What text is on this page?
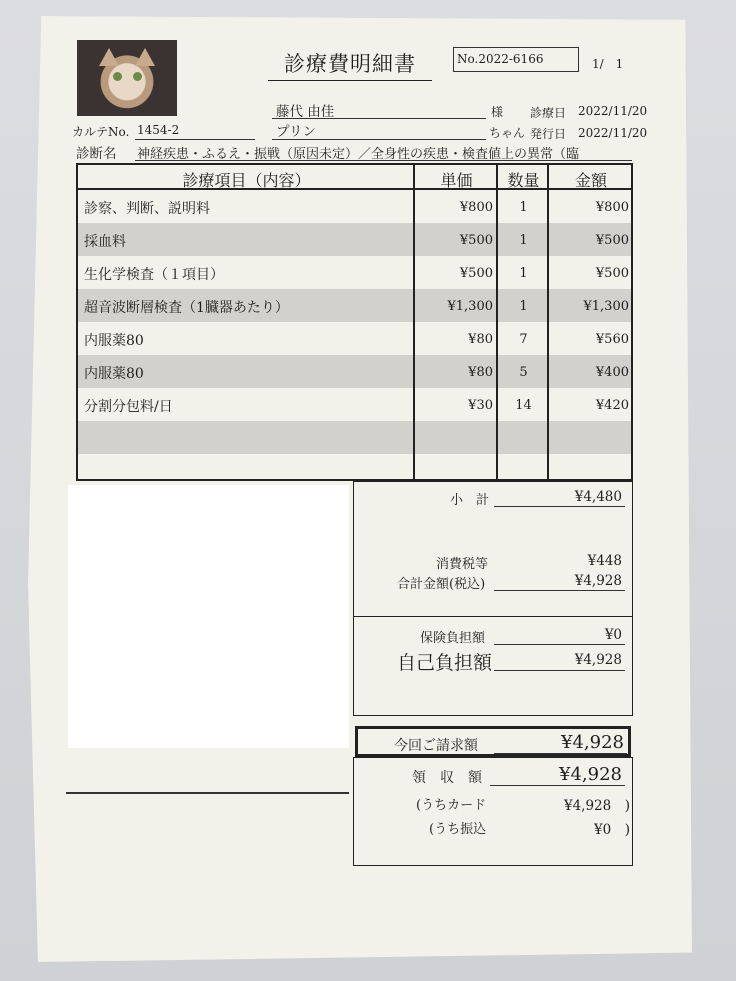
診療費明細書	No.2022-6166	1/　1
藤代 由佳	様 診療日 2022/11/20
カルテNo. 1454-2	プリン	ちゃん 発行日 2022/11/20
診断名 神経疾患・ふるえ・振戦（原因未定）／全身性の疾患・検査値上の異常（臨
診療項目（内容）	単価	数量	金額
診察、判断、説明料	¥800	1	¥800
採血料	¥500	1	¥500
生化学検査（１項目）	¥500	1	¥500
超音波断層検査（1臓器あたり）	¥1,300	1	¥1,300
内服薬80	¥80	7	¥560
内服薬80	¥80	5	¥400
分割分包料/日	¥30	14	¥420
小　計	¥4,480
消費税等	¥448
合計金額(税込)	¥4,928
保険負担額	¥0
自己負担額	¥4,928
今回ご請求額	¥4,928
領　収　額	¥4,928
(うちカード	¥4,928　)
(うち振込	¥0　)
